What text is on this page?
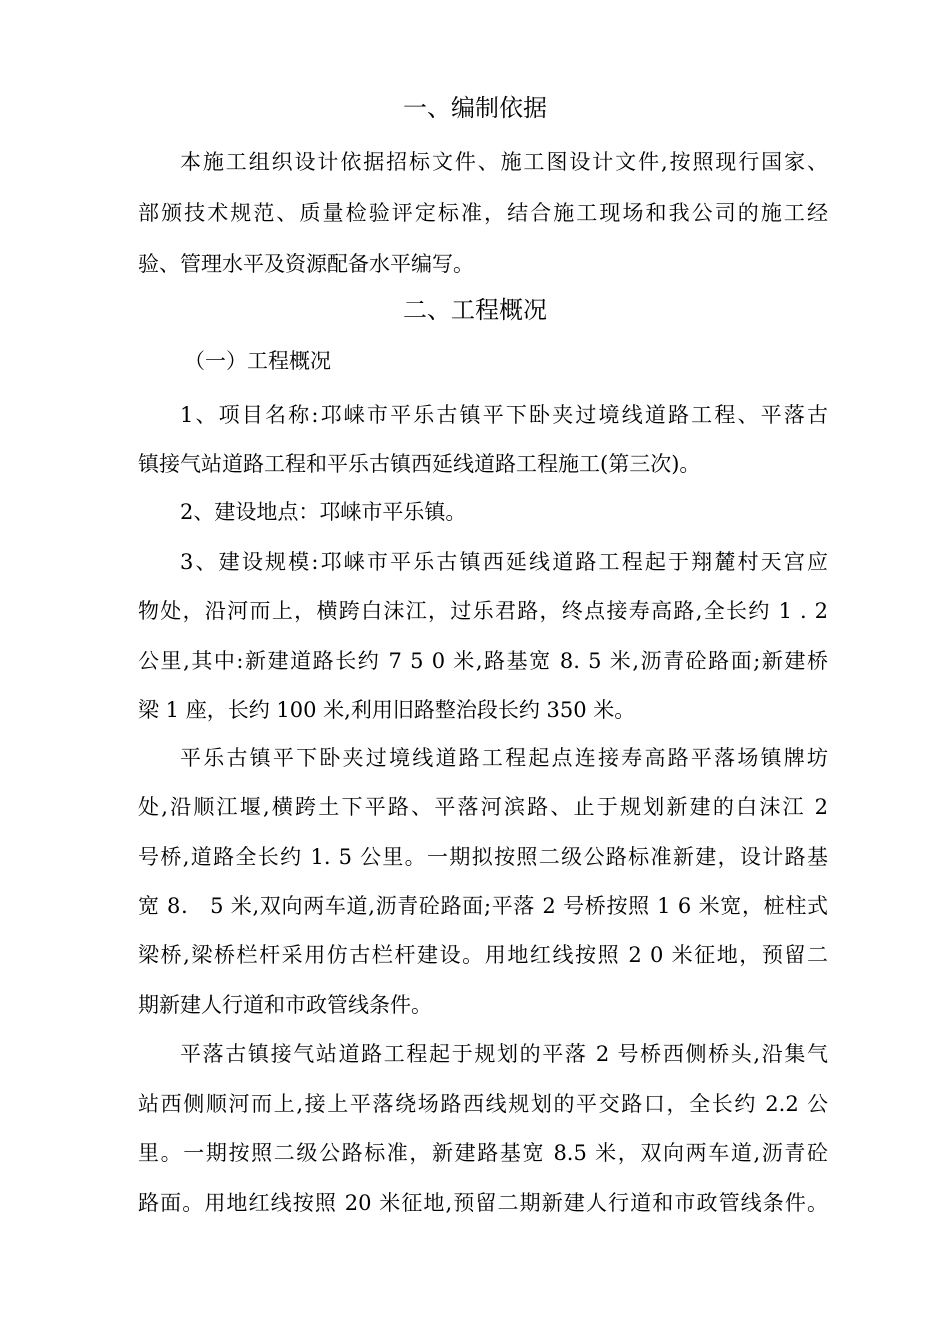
一、编制依据
本施工组织设计依据招标文件、施工图设计文件,按照现行国家、
部颁技术规范、质量检验评定标准，结合施工现场和我公司的施工经
验、管理水平及资源配备水平编写。
二、工程概况
（一）工程概况
1、项目名称:邛崃市平乐古镇平下卧夹过境线道路工程、平落古
镇接气站道路工程和平乐古镇西延线道路工程施工(第三次)。
2、建设地点：邛崃市平乐镇。
3、建设规模:邛崃市平乐古镇西延线道路工程起于翔麓村天宫应
物处，沿河而上，横跨白沫江，过乐君路，终点接寿高路,全长约 1 . 2
公里,其中:新建道路长约 7 5 0 米,路基宽 8. 5 米,沥青砼路面;新建桥
梁 1 座，长约 100 米,利用旧路整治段长约 350 米。
平乐古镇平下卧夹过境线道路工程起点连接寿高路平落场镇牌坊
处,沿顺江堰,横跨土下平路、平落河滨路、止于规划新建的白沫江 2
号桥,道路全长约 1. 5 公里。一期拟按照二级公路标准新建，设计路基
宽 8． 5 米,双向两车道,沥青砼路面;平落 2 号桥按照 1 6 米宽，桩柱式
梁桥,梁桥栏杆采用仿古栏杆建设。用地红线按照 2 0 米征地，预留二
期新建人行道和市政管线条件。
平落古镇接气站道路工程起于规划的平落 2 号桥西侧桥头,沿集气
站西侧顺河而上,接上平落绕场路西线规划的平交路口，全长约 2.2 公
里。一期按照二级公路标准，新建路基宽 8.5 米，双向两车道,沥青砼
路面。用地红线按照 20 米征地,预留二期新建人行道和市政管线条件。
